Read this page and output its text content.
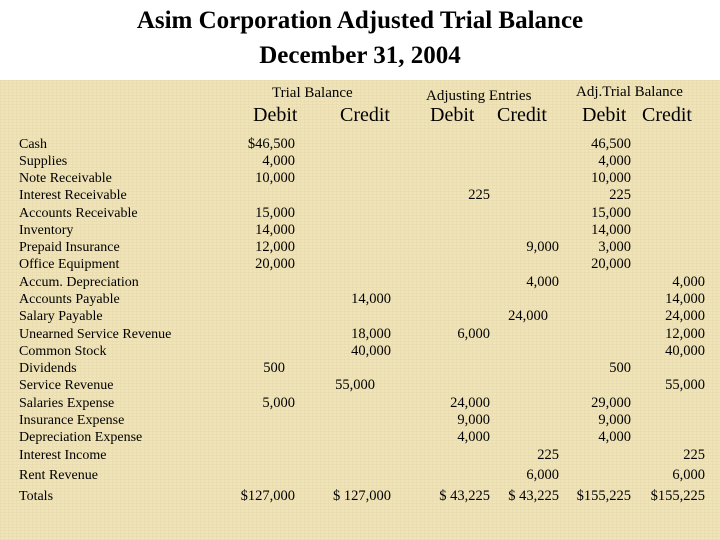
Asim Corporation Adjusted Trial Balance
December 31, 2004
Trial Balance	Adjusting Entries	Adj.Trial Balance
Debit Credit Debit Credit Debit Credit
Cash
Supplies
Note Receivable
Interest Receivable
Accounts Receivable
Inventory
Prepaid Insurance
Office Equipment
Accum. Depreciation
Accounts Payable
Salary Payable
Unearned Service Revenue
Common Stock
Dividends
Service Revenue
Salaries Expense
Insurance Expense
Depreciation Expense
Interest Income
Rent Revenue
Totals
$46,500
4,000
10,000
15,000
14,000
12,000
20,000
500
5,000
$127,000
14,000
18,000
40,000
55,000
$ 127,000
225
6,000
24,000
9,000
4,000
$ 43,225
9,000
4,000
24,000
225
6,000
$ 43,225
46,500
4,000
10,000
225
15,000
14,000
3,000
20,000
500
29,000
9,000
4,000
$155,225
4,000
14,000
24,000
12,000
40,000
55,000
225
6,000
$155,225
